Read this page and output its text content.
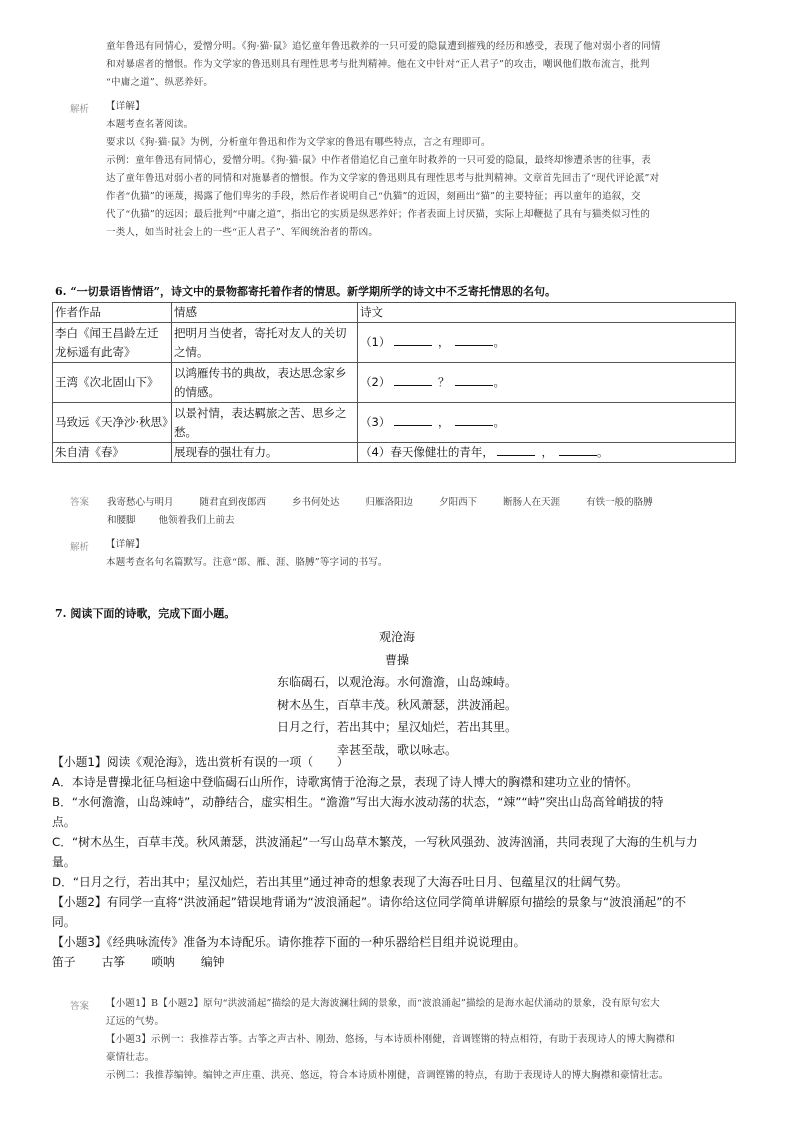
童年鲁迅有同情心，爱憎分明。《狗·猫·鼠》追忆童年鲁迅救养的一只可爱的隐鼠遭到摧残的经历和感受，表现了他对弱小者的同情

和对暴虐者的憎恨。作为文学家的鲁迅则具有理性思考与批判精神。他在文中针对“正人君子”的攻击，嘲讽他们散布流言，批判

“中庸之道”、纵恶养奸。

解析 【详解】

本题考查名著阅读。

要求以《狗·猫·鼠》为例，分析童年鲁迅和作为文学家的鲁迅有哪些特点，言之有理即可。

示例：童年鲁迅有同情心，爱憎分明。《狗·猫·鼠》中作者借追忆自己童年时救养的一只可爱的隐鼠，最终却惨遭杀害的往事，表

达了童年鲁迅对弱小者的同情和对施暴者的憎恨。作为文学家的鲁迅则具有理性思考与批判精神。文章首先回击了“现代评论派”对

作者“仇猫”的诬蔑，揭露了他们卑劣的手段，然后作者说明自己“仇猫”的近因，刻画出“猫”的主要特征；再以童年的追叙，交

代了“仇猫”的远因；最后批判“中庸之道”，指出它的实质是纵恶养奸；作者表面上讨厌猫，实际上却鞭挞了具有与猫类似习性的

一类人，如当时社会上的一些“正人君子”、军阀统治者的帮凶。

6. “一切景语皆情语”，诗文中的景物都寄托着作者的情思。新学期所学的诗文中不乏寄托情思的名句。
作者作品	情感	诗文
李白《闻王昌龄左迁龙标遥有此寄》	把明月当使者，寄托对友人的关切之情。	（1） ， 。
王湾《次北固山下》	以鸿雁传书的典故，表达思念家乡的情感。	（2） ？ 。
马致远《天净沙·秋思》	以景衬情，表达羁旅之苦、思乡之愁。	（3） ， 。
朱自清《春》	展现春的强壮有力。	（4）春天像健壮的青年， ， 。
答案 我寄愁心与明月	随君直到夜郎西	乡书何处达	归雁洛阳边	夕阳西下	断肠人在天涯	有铁一般的胳膊
和腰脚 他领着我们上前去
解析 【详解】

本题考查名句名篇默写。注意“郎、雁、涯、胳膊”等字词的书写。

7. 阅读下面的诗歌，完成下面小题。
观沧海
曹操
东临碣石，以观沧海。水何澹澹，山岛竦峙。
树木丛生，百草丰茂。秋风萧瑟，洪波涌起。
日月之行，若出其中；星汉灿烂，若出其里。
幸甚至哉，歌以咏志。

【小题1】阅读《观沧海》，选出赏析有误的一项（　　）

A．本诗是曹操北征乌桓途中登临碣石山所作，诗歌寓情于沧海之景，表现了诗人博大的胸襟和建功立业的情怀。

B．“水何澹澹，山岛竦峙”，动静结合，虚实相生。“澹澹”写出大海水波动荡的状态，“竦”“峙”突出山岛高耸峭拔的特

点。

C．“树木丛生，百草丰茂。秋风萧瑟，洪波涌起”一写山岛草木繁茂，一写秋风强劲、波涛汹涌，共同表现了大海的生机与力

量。

D．“日月之行，若出其中；星汉灿烂，若出其里”通过神奇的想象表现了大海吞吐日月、包蕴星汉的壮阔气势。

【小题2】有同学一直将“洪波涌起”错误地背诵为“波浪涌起”。请你给这位同学简单讲解原句描绘的景象与“波浪涌起”的不

同。

【小题3】《经典咏流传》准备为本诗配乐。请你推荐下面的一种乐器给栏目组并说说理由。

笛子 古筝 唢呐 编钟

答案 【小题1】B【小题2】原句“洪波涌起”描绘的是大海波澜壮阔的景象，而“波浪涌起”描绘的是海水起伏涌动的景象，没有原句宏大

辽远的气势。

【小题3】示例一：我推荐古筝。古筝之声古朴、刚劲、悠扬，与本诗质朴刚健，音调铿锵的特点相符，有助于表现诗人的博大胸襟和

豪情壮志。

示例二：我推荐编钟。编钟之声庄重、洪亮、悠远，符合本诗质朴刚健，音调铿锵的特点，有助于表现诗人的博大胸襟和豪情壮志。
